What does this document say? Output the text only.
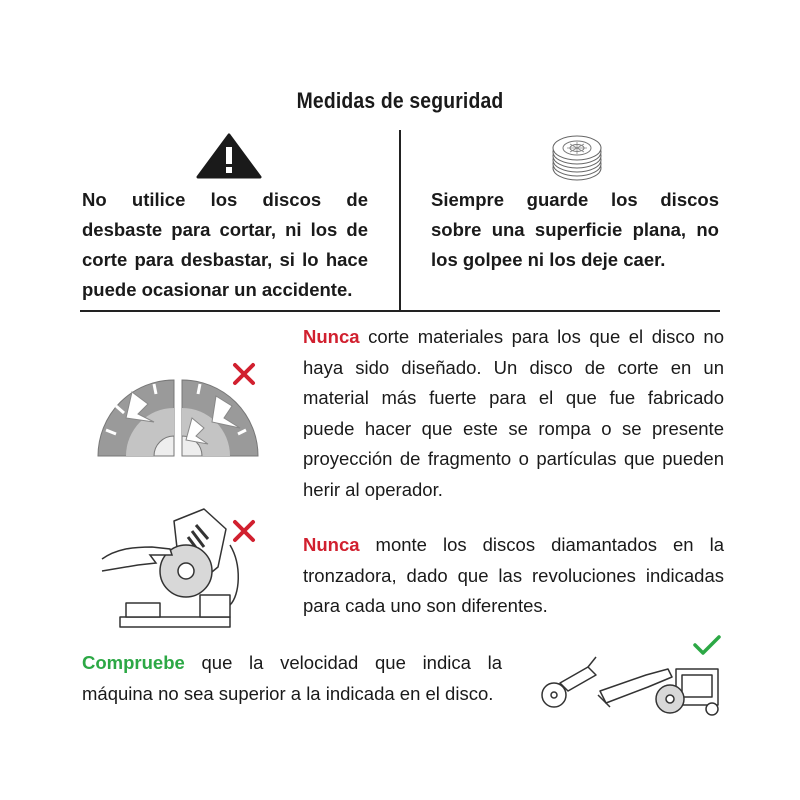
Medidas de seguridad
No utilice los discos de desbaste para cortar, ni los de corte para desbastar, si lo hace puede ocasionar un accidente.
Siempre guarde los discos sobre una superficie plana, no los golpee ni los deje caer.
Nunca corte materiales para los que el disco no haya sido diseñado. Un disco de corte en un material más fuerte para el que fue fabricado puede hacer que este se rompa o se presente proyección de fragmento o partículas que pueden herir al operador.
Nunca monte los discos diamantados en la tronzadora, dado que las revoluciones indicadas para cada uno son diferentes.
Compruebe que la velocidad que indica la máquina no sea superior a la indicada en el disco.
